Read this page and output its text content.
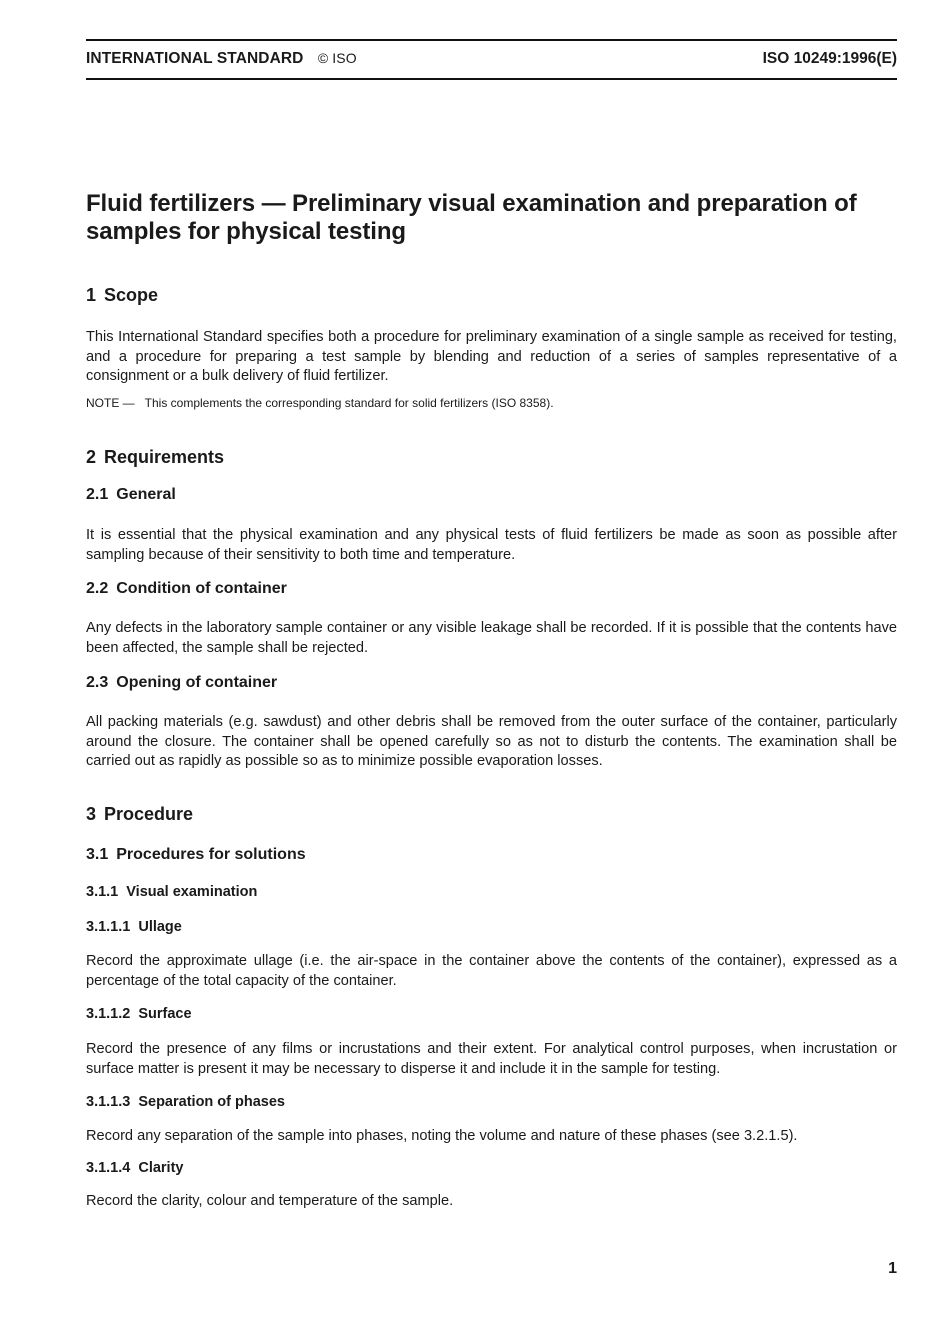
INTERNATIONAL STANDARD © ISO	ISO 10249:1996(E)
Fluid fertilizers — Preliminary visual examination and preparation of samples for physical testing
1 Scope
This International Standard specifies both a procedure for preliminary examination of a single sample as received for testing, and a procedure for preparing a test sample by blending and reduction of a series of samples representative of a consignment or a bulk delivery of fluid fertilizer.
NOTE — This complements the corresponding standard for solid fertilizers (ISO 8358).
2 Requirements
2.1 General
It is essential that the physical examination and any physical tests of fluid fertilizers be made as soon as possible after sampling because of their sensitivity to both time and temperature.
2.2 Condition of container
Any defects in the laboratory sample container or any visible leakage shall be recorded. If it is possible that the contents have been affected, the sample shall be rejected.
2.3 Opening of container
All packing materials (e.g. sawdust) and other debris shall be removed from the outer surface of the container, particularly around the closure. The container shall be opened carefully so as not to disturb the contents. The examination shall be carried out as rapidly as possible so as to minimize possible evaporation losses.
3 Procedure
3.1 Procedures for solutions
3.1.1 Visual examination
3.1.1.1 Ullage
Record the approximate ullage (i.e. the air-space in the container above the contents of the container), expressed as a percentage of the total capacity of the container.
3.1.1.2 Surface
Record the presence of any films or incrustations and their extent. For analytical control purposes, when incrustation or surface matter is present it may be necessary to disperse it and include it in the sample for testing.
3.1.1.3 Separation of phases
Record any separation of the sample into phases, noting the volume and nature of these phases (see 3.2.1.5).
3.1.1.4 Clarity
Record the clarity, colour and temperature of the sample.
1
